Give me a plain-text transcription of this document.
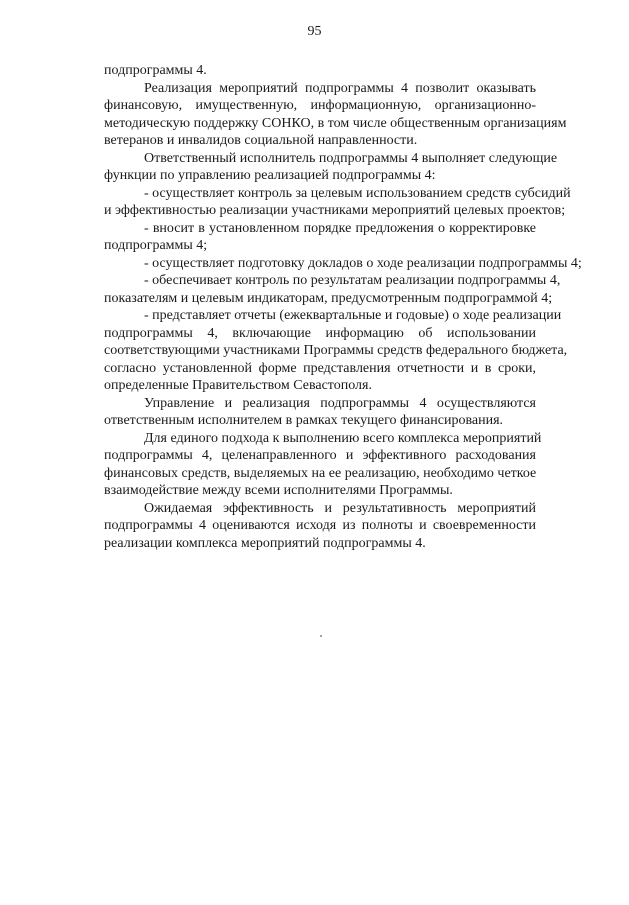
95
подпрограммы 4.
Реализация мероприятий подпрограммы 4 позволит оказывать
финансовую, имущественную, информационную, организационно-
методическую поддержку СОНКО, в том числе общественным организациям
ветеранов и инвалидов социальной направленности.
Ответственный исполнитель подпрограммы 4 выполняет следующие
функции по управлению реализацией подпрограммы 4:
- осуществляет контроль за целевым использованием средств субсидий
и эффективностью реализации участниками мероприятий целевых проектов;
- вносит в установленном порядке предложения о корректировке
подпрограммы 4;
- осуществляет подготовку докладов о ходе реализации подпрограммы 4;
- обеспечивает контроль по результатам реализации подпрограммы 4,
показателям и целевым индикаторам, предусмотренным подпрограммой 4;
- представляет отчеты (ежеквартальные и годовые) о ходе реализации
подпрограммы 4, включающие информацию об использовании
соответствующими участниками Программы средств федерального бюджета,
согласно установленной форме представления отчетности и в сроки,
определенные Правительством Севастополя.
Управление и реализация подпрограммы 4 осуществляются
ответственным исполнителем в рамках текущего финансирования.
Для единого подхода к выполнению всего комплекса мероприятий
подпрограммы 4, целенаправленного и эффективного расходования
финансовых средств, выделяемых на ее реализацию, необходимо четкое
взаимодействие между всеми исполнителями Программы.
Ожидаемая эффективность и результативность мероприятий
подпрограммы 4 оцениваются исходя из полноты и своевременности
реализации комплекса мероприятий подпрограммы 4.
